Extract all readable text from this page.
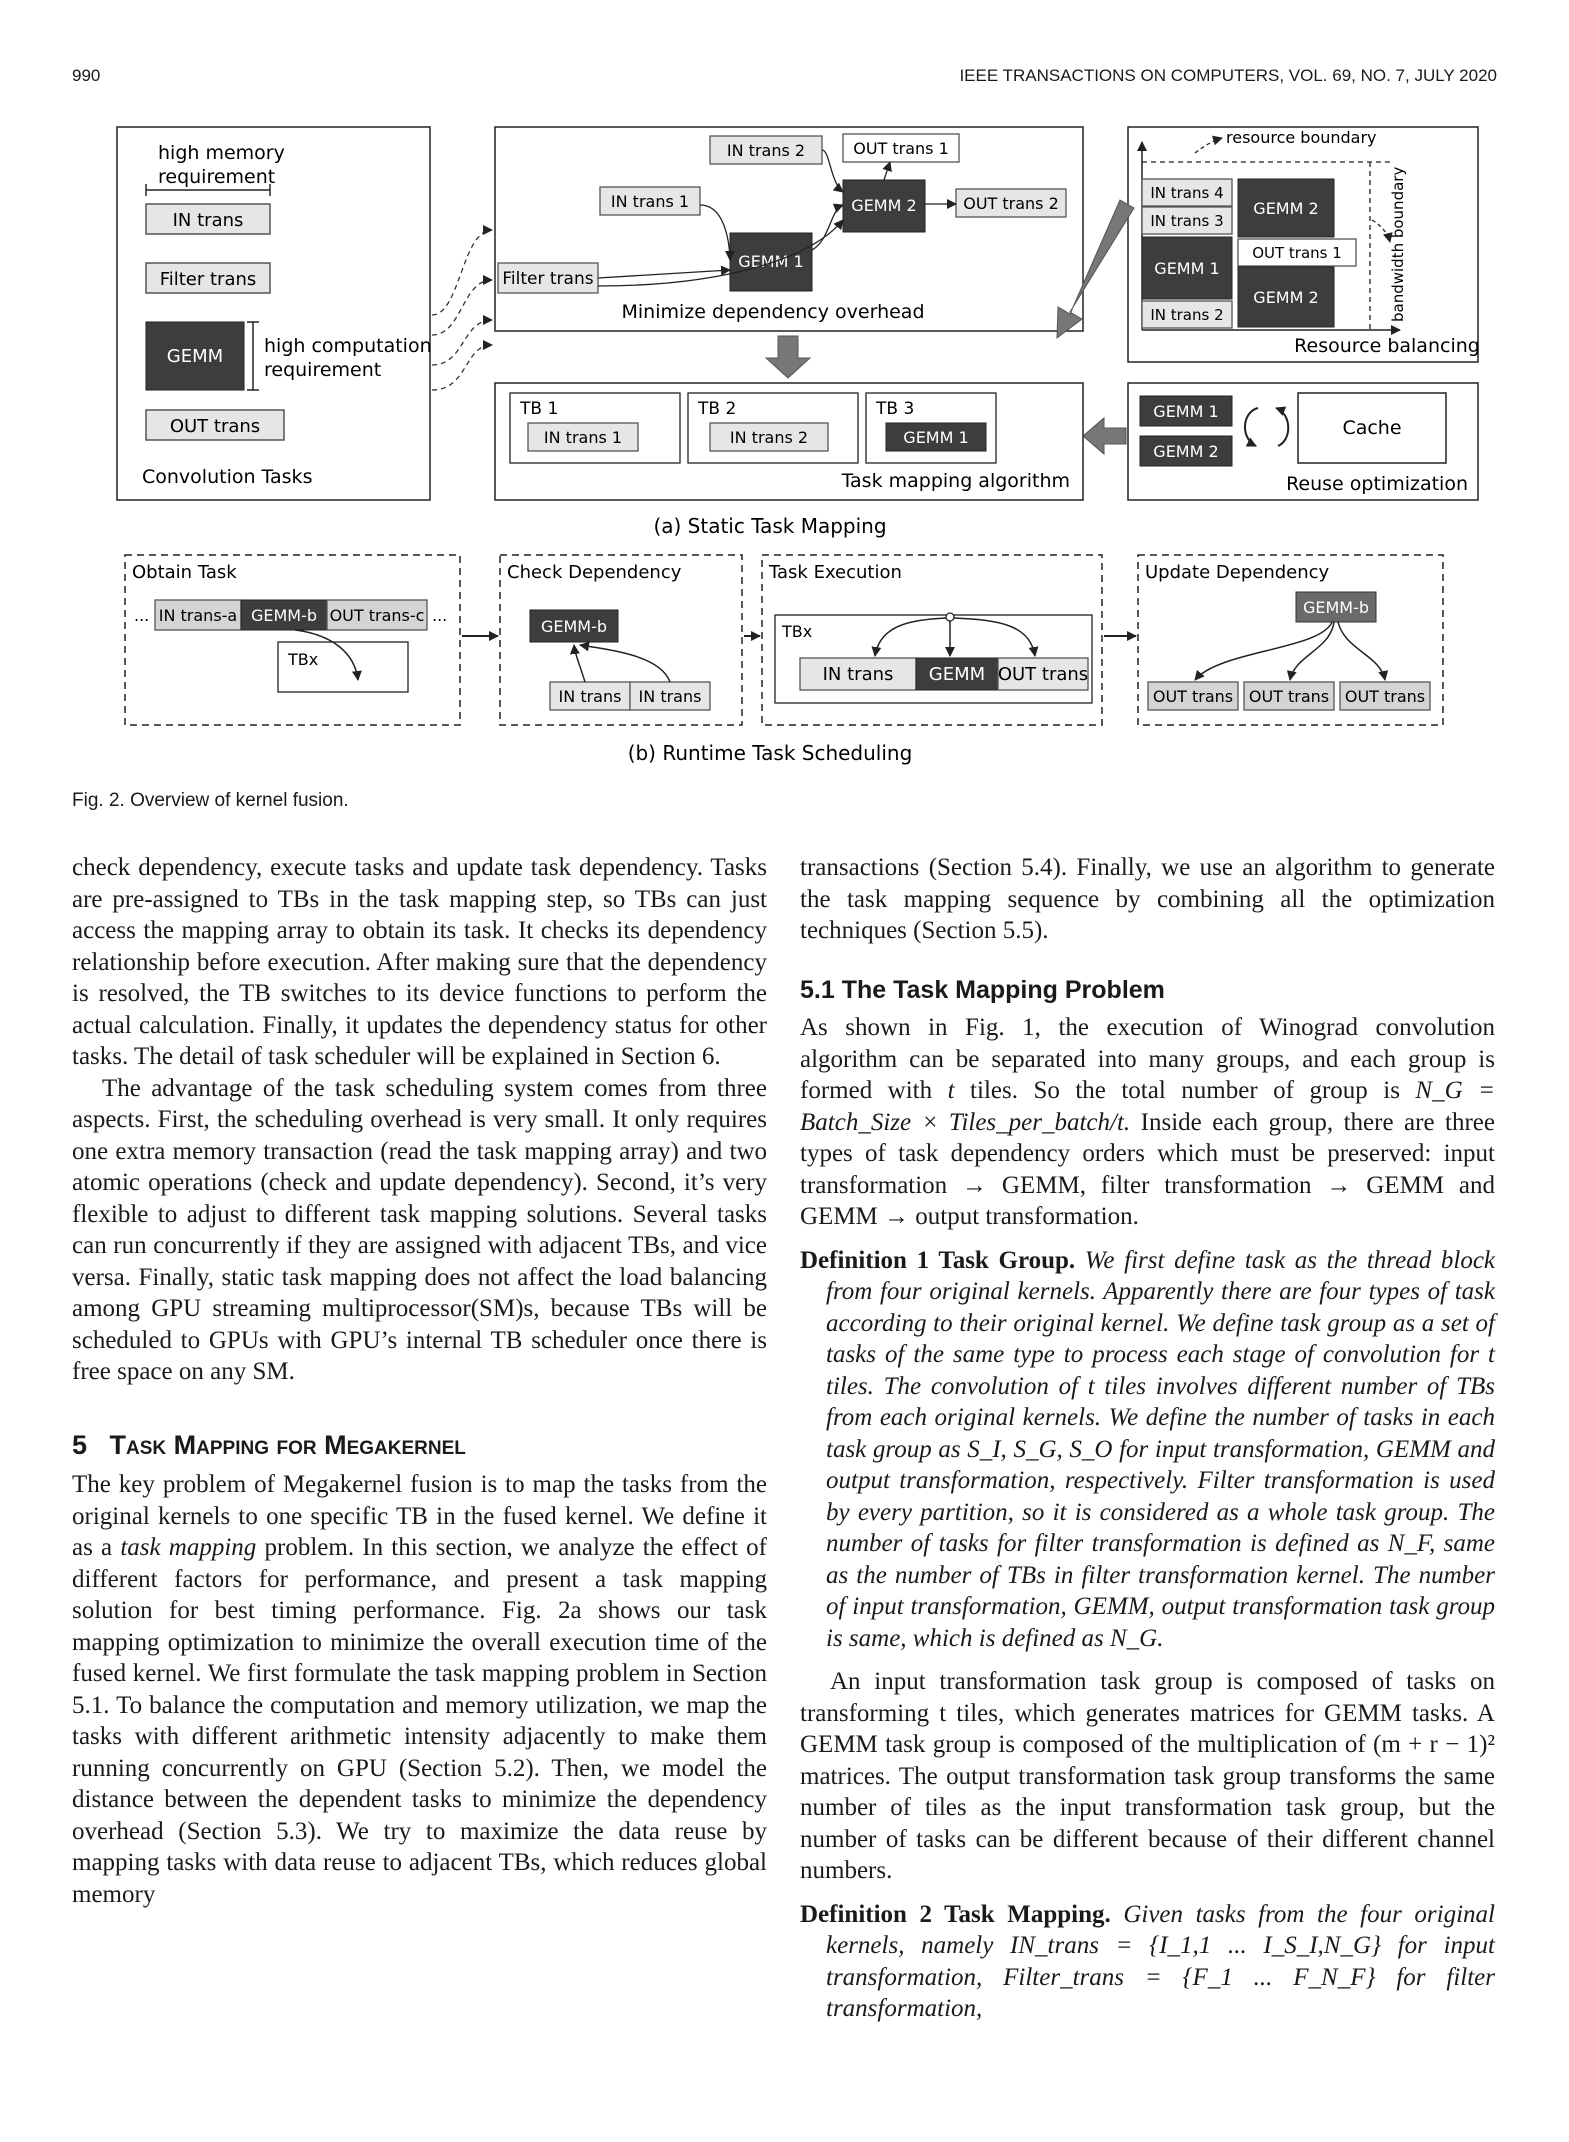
990	IEEE TRANSACTIONS ON COMPUTERS, VOL. 69, NO. 7, JULY 2020
high memory
requirement
IN trans
Filter trans
GEMM high computation
requirement
OUT trans
Convolution Tasks
IN trans 2	OUT trans 1
IN trans 1	GEMM 2	OUT trans 2
GEMM 1
Filter trans
Minimize dependency overhead
resource boundary
bandwidth boundary
IN trans 4
IN trans 3
GEMM 2
GEMM 1
OUT trans 1
GEMM 2
IN trans 2
Resource balancing
TB 1
IN trans 1
TB 2
IN trans 2
TB 3
GEMM 1
Task mapping algorithm
GEMM 1
GEMM 2
Cache
Reuse optimization
(a) Static Task Mapping
Obtain Task
... IN trans-a GEMM-b OUT trans-c ...
TBx
Check Dependency
GEMM-b
IN trans IN trans
Task Execution
TBx
IN trans GEMM OUT trans
Update Dependency
GEMM-b
OUT trans OUT trans OUT trans
(b) Runtime Task Scheduling
Fig. 2. Overview of kernel fusion.

check dependency, execute tasks and update task dependency. Tasks are pre-assigned to TBs in the task mapping step, so TBs can just access the mapping array to obtain its task. It checks its dependency relationship before execution. After making sure that the dependency is resolved, the TB switches to its device functions to perform the actual calculation. Finally, it updates the dependency status for other tasks. The detail of task scheduler will be explained in Section 6.

The advantage of the task scheduling system comes from three aspects. First, the scheduling overhead is very small. It only requires one extra memory transaction (read the task mapping array) and two atomic operations (check and update dependency). Second, it’s very flexible to adjust to different task mapping solutions. Several tasks can run concurrently if they are assigned with adjacent TBs, and vice versa. Finally, static task mapping does not affect the load balancing among GPU streaming multiprocessor(SM)s, because TBs will be scheduled to GPUs with GPU’s internal TB scheduler once there is free space on any SM.

5 Task Mapping for Megakernel

The key problem of Megakernel fusion is to map the tasks from the original kernels to one specific TB in the fused kernel. We define it as a task mapping problem. In this section, we analyze the effect of different factors for performance, and present a task mapping solution for best timing performance. Fig. 2a shows our task mapping optimization to minimize the overall execution time of the fused kernel. We first formulate the task mapping problem in Section 5.1. To balance the computation and memory utilization, we map the tasks with different arithmetic intensity adjacently to make them running concurrently on GPU (Section 5.2). Then, we model the distance between the dependent tasks to minimize the dependency overhead (Section 5.3). We try to maximize the data reuse by mapping tasks with data reuse to adjacent TBs, which reduces global memory

transactions (Section 5.4). Finally, we use an algorithm to generate the task mapping sequence by combining all the optimization techniques (Section 5.5).

5.1 The Task Mapping Problem

As shown in Fig. 1, the execution of Winograd convolution algorithm can be separated into many groups, and each group is formed with t tiles. So the total number of group is N_G = Batch_Size × Tiles_per_batch/t. Inside each group, there are three types of task dependency orders which must be preserved: input transformation → GEMM, filter transformation → GEMM and GEMM → output transformation.

Definition 1 Task Group. We first define task as the thread block from four original kernels. Apparently there are four types of task according to their original kernel. We define task group as a set of tasks of the same type to process each stage of convolution for t tiles. The convolution of t tiles involves different number of TBs from each original kernels. We define the number of tasks in each task group as S_I, S_G, S_O for input transformation, GEMM and output transformation, respectively. Filter transformation is used by every partition, so it is considered as a whole task group. The number of tasks for filter transformation is defined as N_F, same as the number of TBs in filter transformation kernel. The number of input transformation, GEMM, output transformation task group is same, which is defined as N_G.

An input transformation task group is composed of tasks on transforming t tiles, which generates matrices for GEMM tasks. A GEMM task group is composed of the multiplication of (m + r − 1)² matrices. The output transformation task group transforms the same number of tiles as the input transformation task group, but the number of tasks can be different because of their different channel numbers.

Definition 2 Task Mapping. Given tasks from the four original kernels, namely IN_trans = {I_1,1 ... I_S_I,N_G} for input transformation, Filter_trans = {F_1 ... F_N_F} for filter transformation,
